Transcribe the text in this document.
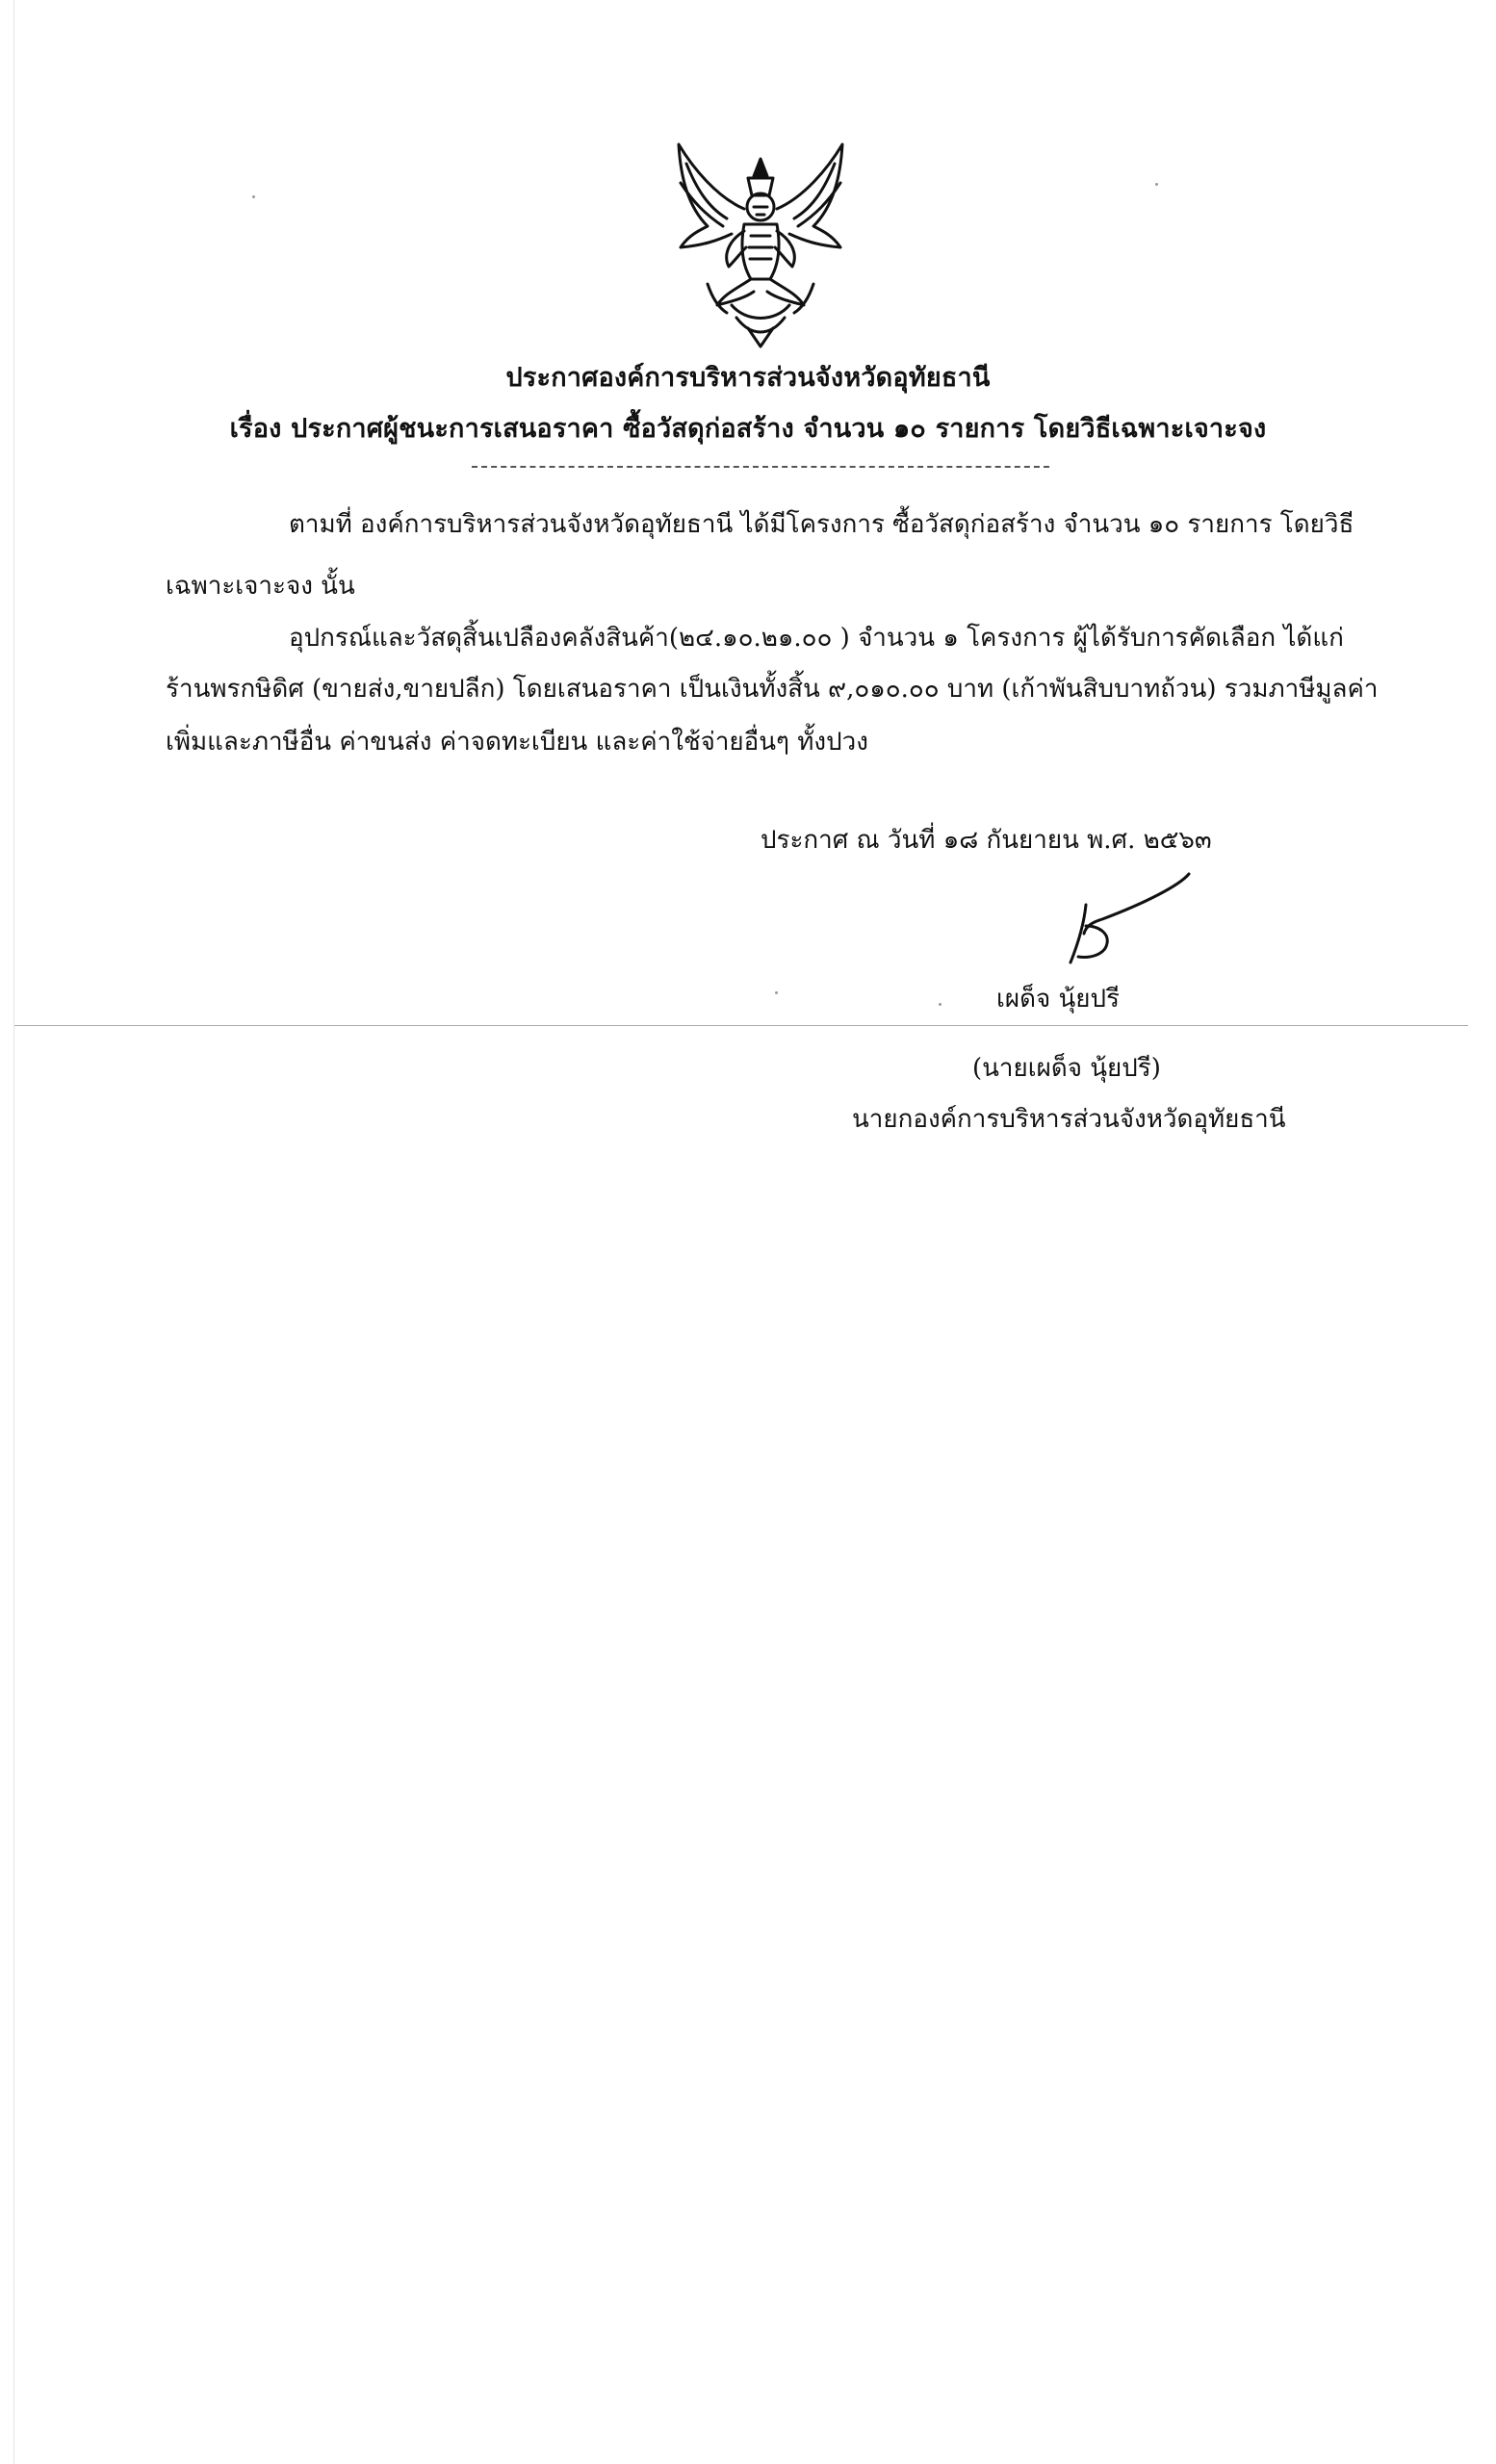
ประกาศองค์การบริหารส่วนจังหวัดอุทัยธานี
เรื่อง ประกาศผู้ชนะการเสนอราคา ซื้อวัสดุก่อสร้าง จำนวน ๑๐ รายการ โดยวิธีเฉพาะเจาะจง
ตามที่ องค์การบริหารส่วนจังหวัดอุทัยธานี ได้มีโครงการ ซื้อวัสดุก่อสร้าง จำนวน ๑๐ รายการ โดยวิธี
เฉพาะเจาะจง นั้น
อุปกรณ์และวัสดุสิ้นเปลืองคลังสินค้า(๒๔.๑๐.๒๑.๐๐ ) จำนวน ๑ โครงการ ผู้ได้รับการคัดเลือก ได้แก่
ร้านพรกษิดิศ (ขายส่ง,ขายปลีก) โดยเสนอราคา เป็นเงินทั้งสิ้น ๙,๐๑๐.๐๐ บาท (เก้าพันสิบบาทถ้วน) รวมภาษีมูลค่า
เพิ่มและภาษีอื่น ค่าขนส่ง ค่าจดทะเบียน และค่าใช้จ่ายอื่นๆ ทั้งปวง
ประกาศ ณ วันที่ ๑๘ กันยายน พ.ศ. ๒๕๖๓
เผด็จ นุ้ยปรี
(นายเผด็จ นุ้ยปรี)
นายกองค์การบริหารส่วนจังหวัดอุทัยธานี
